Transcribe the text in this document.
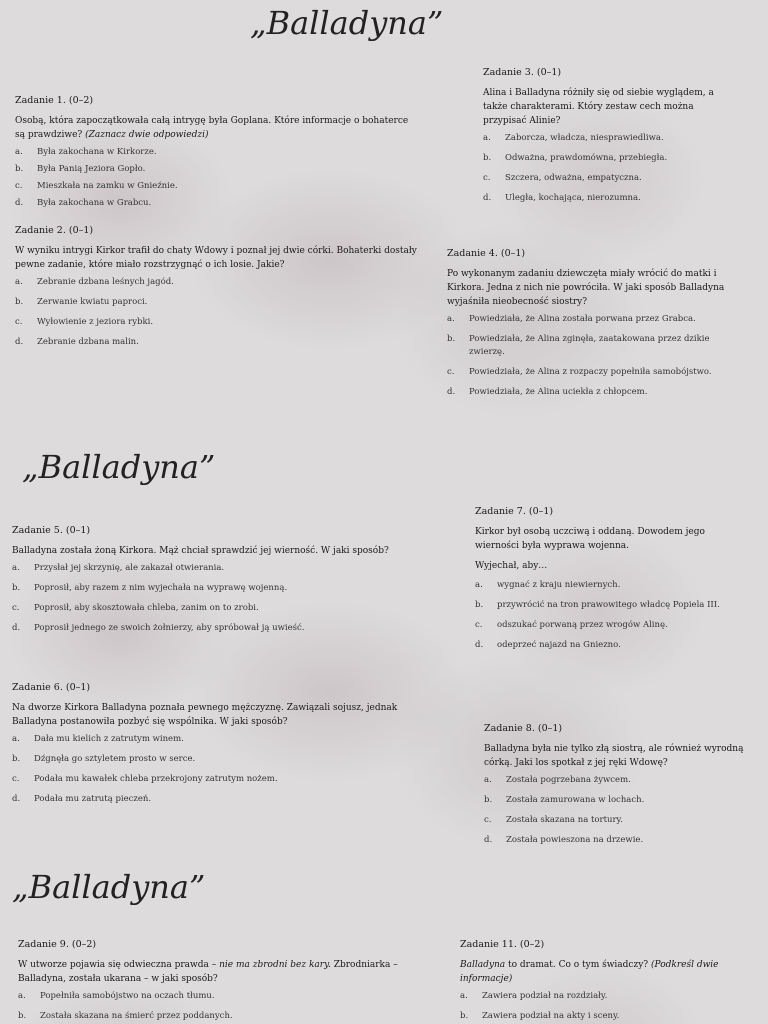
„Balladyna”
Zadanie 1. (0–2)

Osobą, która zapoczątkowała całą intrygę była Goplana. Które informacje o bohaterce są prawdziwe? (Zaznacz dwie odpowiedzi)

a.	Była zakochana w Kirkorze.
b.	Była Panią Jeziora Gopło.
c.	Mieszkała na zamku w Gnieźnie.
d.	Była zakochana w Grabcu.
Zadanie 2. (0–1)

W wyniku intrygi Kirkor trafił do chaty Wdowy i poznał jej dwie córki. Bohaterki dostały pewne zadanie, które miało rozstrzygnąć o ich losie. Jakie?

a.	Zebranie dzbana leśnych jagód.
b.	Zerwanie kwiatu paproci.
c.	Wyłowienie z jeziora rybki.
d.	Zebranie dzbana malin.
Zadanie 3. (0–1)

Alina i Balladyna różniły się od siebie wyglądem, a także charakterami. Który zestaw cech można przypisać Alinie?

a.	Zaborcza, władcza, niesprawiedliwa.
b.	Odważna, prawdomówna, przebiegła.
c.	Szczera, odważna, empatyczna.
d.	Uległa, kochająca, nierozumna.
Zadanie 4. (0–1)

Po wykonanym zadaniu dziewczęta miały wrócić do matki i Kirkora. Jedna z nich nie powróciła. W jaki sposób Balladyna wyjaśniła nieobecność siostry?

a.	Powiedziała, że Alina została porwana przez Grabca.
b.	Powiedziała, że Alina zginęła, zaatakowana przez dzikie zwierzę.
c.	Powiedziała, że Alina z rozpaczy popełniła samobójstwo.
d.	Powiedziała, że Alina uciekła z chłopcem.
„Balladyna”
Zadanie 5. (0–1)

Balladyna została żoną Kirkora. Mąż chciał sprawdzić jej wierność. W jaki sposób?

a.	Przysłał jej skrzynię, ale zakazał otwierania.
b.	Poprosił, aby razem z nim wyjechała na wyprawę wojenną.
c.	Poprosił, aby skosztowała chleba, zanim on to zrobi.
d.	Poprosił jednego ze swoich żołnierzy, aby spróbował ją uwieść.
Zadanie 6. (0–1)

Na dworze Kirkora Balladyna poznała pewnego mężczyznę. Zawiązali sojusz, jednak Balladyna postanowiła pozbyć się wspólnika. W jaki sposób?

a.	Dała mu kielich z zatrutym winem.
b.	Dźgnęła go sztyletem prosto w serce.
c.	Podała mu kawałek chleba przekrojony zatrutym nożem.
d.	Podała mu zatrutą pieczeń.
Zadanie 7. (0–1)

Kirkor był osobą uczciwą i oddaną. Dowodem jego wierności była wyprawa wojenna.

Wyjechał, aby…

a.	wygnać z kraju niewiernych.
b.	przywrócić na tron prawowitego władcę Popiela III.
c.	odszukać porwaną przez wrogów Alinę.
d.	odeprzeć najazd na Gniezno.
Zadanie 8. (0–1)

Balladyna była nie tylko złą siostrą, ale również wyrodną córką. Jaki los spotkał z jej ręki Wdowę?

a.	Została pogrzebana żywcem.
b.	Została zamurowana w lochach.
c.	Została skazana na tortury.
d.	Została powieszona na drzewie.
„Balladyna”
Zadanie 9. (0–2)

W utworze pojawia się odwieczna prawda – nie ma zbrodni bez kary. Zbrodniarka – Balladyna, została ukarana – w jaki sposób?

a.	Popełniła samobójstwo na oczach tłumu.
b.	Została skazana na śmierć przez poddanych.
Zadanie 11. (0–2)

Balladyna to dramat. Co o tym świadczy? (Podkreśl dwie informacje)

a.	Zawiera podział na rozdziały.
b.	Zawiera podział na akty i sceny.
